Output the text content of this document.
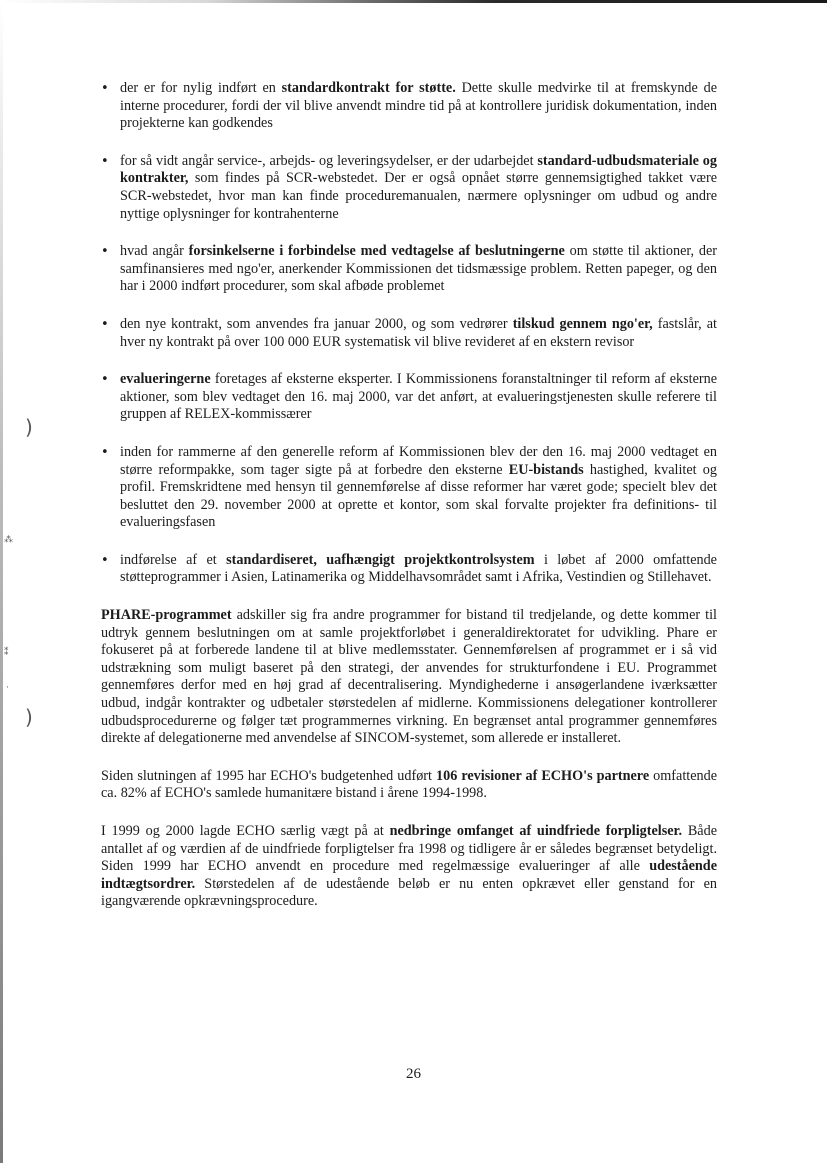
)
)
⁂
⁑
·
• der er for nylig indført en standardkontrakt for støtte. Dette skulle medvirke til at fremskynde de interne procedurer, fordi der vil blive anvendt mindre tid på at kontrollere juridisk dokumentation, inden projekterne kan godkendes
• for så vidt angår service-, arbejds- og leveringsydelser, er der udarbejdet standard-udbudsmateriale og kontrakter, som findes på SCR-webstedet. Der er også opnået større gennemsigtighed takket være SCR-webstedet, hvor man kan finde proceduremanualen, nærmere oplysninger om udbud og andre nyttige oplysninger for kontrahenterne
• hvad angår forsinkelserne i forbindelse med vedtagelse af beslutningerne om støtte til aktioner, der samfinansieres med ngo'er, anerkender Kommissionen det tidsmæssige problem. Retten papeger, og den har i 2000 indført procedurer, som skal afbøde problemet
• den nye kontrakt, som anvendes fra januar 2000, og som vedrører tilskud gennem ngo'er, fastslår, at hver ny kontrakt på over 100 000 EUR systematisk vil blive revideret af en ekstern revisor
• evalueringerne foretages af eksterne eksperter. I Kommissionens foranstaltninger til reform af eksterne aktioner, som blev vedtaget den 16. maj 2000, var det anført, at evalueringstjenesten skulle referere til gruppen af RELEX-kommissærer
• inden for rammerne af den generelle reform af Kommissionen blev der den 16. maj 2000 vedtaget en større reformpakke, som tager sigte på at forbedre den eksterne EU-bistands hastighed, kvalitet og profil. Fremskridtene med hensyn til gennemførelse af disse reformer har været gode; specielt blev det besluttet den 29. november 2000 at oprette et kontor, som skal forvalte projekter fra definitions- til evalueringsfasen
• indførelse af et standardiseret, uafhængigt projektkontrolsystem i løbet af 2000 omfattende støtteprogrammer i Asien, Latinamerika og Middelhavsområdet samt i Afrika, Vestindien og Stillehavet.

PHARE-programmet adskiller sig fra andre programmer for bistand til tredjelande, og dette kommer til udtryk gennem beslutningen om at samle projektforløbet i generaldirektoratet for udvikling. Phare er fokuseret på at forberede landene til at blive medlemsstater. Gennemførelsen af programmet er i så vid udstrækning som muligt baseret på den strategi, der anvendes for strukturfondene i EU. Programmet gennemføres derfor med en høj grad af decentralisering. Myndighederne i ansøgerlandene iværksætter udbud, indgår kontrakter og udbetaler størstedelen af midlerne. Kommissionens delegationer kontrollerer udbudsprocedurerne og følger tæt programmernes virkning. En begrænset antal programmer gennemføres direkte af delegationerne med anvendelse af SINCOM-systemet, som allerede er installeret.

Siden slutningen af 1995 har ECHO's budgetenhed udført 106 revisioner af ECHO's partnere omfattende ca. 82% af ECHO's samlede humanitære bistand i årene 1994-1998.

I 1999 og 2000 lagde ECHO særlig vægt på at nedbringe omfanget af uindfriede forpligtelser. Både antallet af og værdien af de uindfriede forpligtelser fra 1998 og tidligere år er således begrænset betydeligt. Siden 1999 har ECHO anvendt en procedure med regelmæssige evalueringer af alle udestående indtægtsordrer. Størstedelen af de udestående beløb er nu enten opkrævet eller genstand for en igangværende opkrævningsprocedure.

26
